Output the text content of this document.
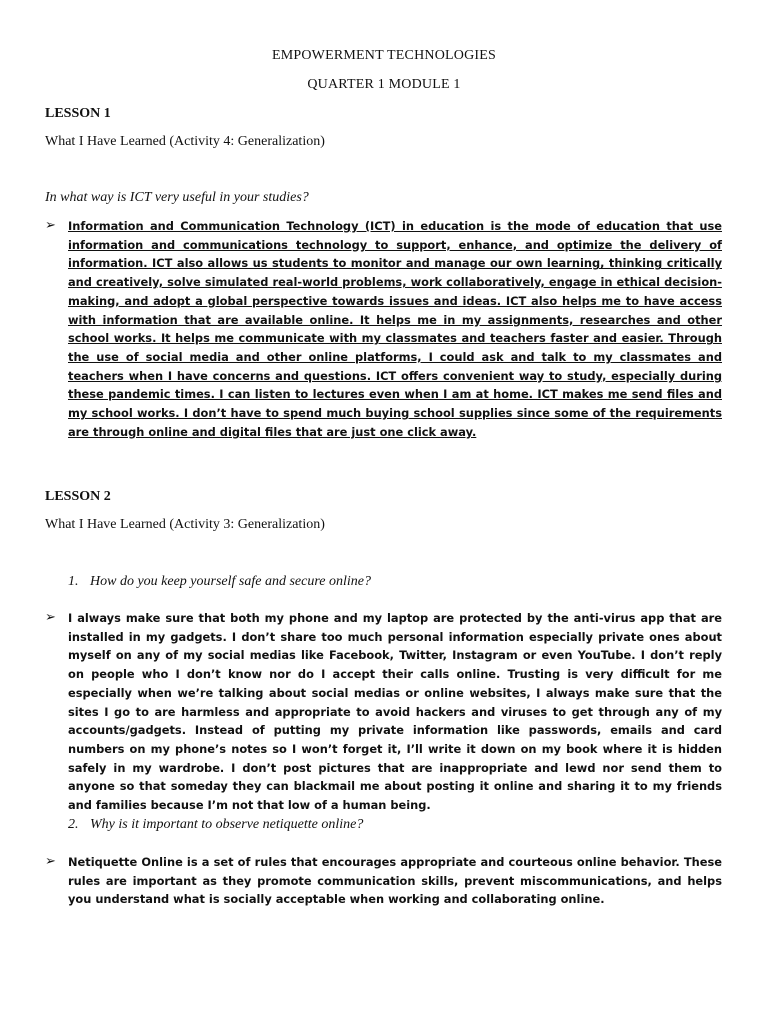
EMPOWERMENT TECHNOLOGIES
QUARTER 1 MODULE 1
LESSON 1
What I Have Learned (Activity 4: Generalization)
In what way is ICT very useful in your studies?
➢ Information and Communication Technology (ICT) in education is the mode of education that use information and communications technology to support, enhance, and optimize the delivery of information. ICT also allows us students to monitor and manage our own learning, thinking critically and creatively, solve simulated real-world problems, work collaboratively, engage in ethical decision-making, and adopt a global perspective towards issues and ideas. ICT also helps me to have access with information that are available online. It helps me in my assignments, researches and other school works. It helps me communicate with my classmates and teachers faster and easier. Through the use of social media and other online platforms, I could ask and talk to my classmates and teachers when I have concerns and questions. ICT offers convenient way to study, especially during these pandemic times. I can listen to lectures even when I am at home. ICT makes me send files and my school works. I don’t have to spend much buying school supplies since some of the requirements are through online and digital files that are just one click away.
LESSON 2
What I Have Learned (Activity 3: Generalization)
1. How do you keep yourself safe and secure online?
➢ I always make sure that both my phone and my laptop are protected by the anti-virus app that are installed in my gadgets. I don’t share too much personal information especially private ones about myself on any of my social medias like Facebook, Twitter, Instagram or even YouTube. I don’t reply on people who I don’t know nor do I accept their calls online. Trusting is very difficult for me especially when we’re talking about social medias or online websites, I always make sure that the sites I go to are harmless and appropriate to avoid hackers and viruses to get through any of my accounts/gadgets. Instead of putting my private information like passwords, emails and card numbers on my phone’s notes so I won’t forget it, I’ll write it down on my book where it is hidden safely in my wardrobe. I don’t post pictures that are inappropriate and lewd nor send them to anyone so that someday they can blackmail me about posting it online and sharing it to my friends and families because I’m not that low of a human being.
2. Why is it important to observe netiquette online?
➢ Netiquette Online is a set of rules that encourages appropriate and courteous online behavior. These rules are important as they promote communication skills, prevent miscommunications, and helps you understand what is socially acceptable when working and collaborating online.
